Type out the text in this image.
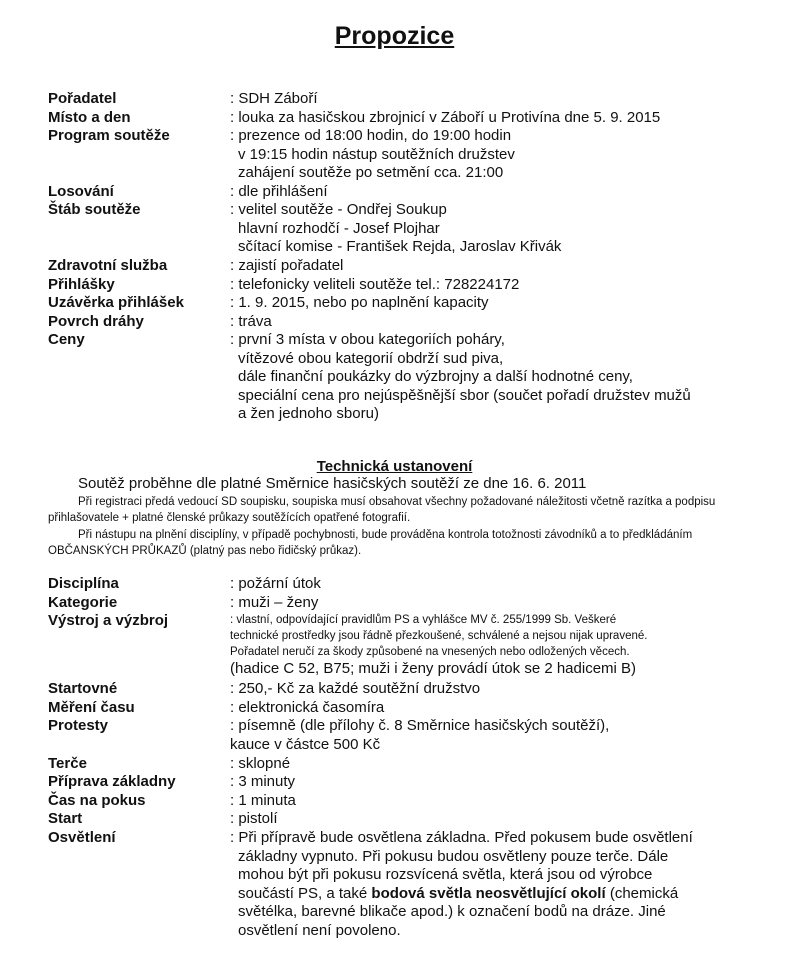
Propozice
Pořadatel	: SDH Záboří
Místo a den	: louka za hasičskou zbrojnicí v Záboří u Protivína dne 5. 9. 2015
Program soutěže	: prezence od 18:00 hodin, do 19:00 hodin
v 19:15 hodin nástup soutěžních družstev
zahájení soutěže po setmění cca. 21:00
Losování	: dle přihlášení
Štáb soutěže	: velitel soutěže - Ondřej Soukup
hlavní rozhodčí - Josef Plojhar
sčítací komise - František Rejda, Jaroslav Křivák
Zdravotní služba	: zajistí pořadatel
Přihlášky	: telefonicky veliteli soutěže tel.: 728224172
Uzávěrka přihlášek	: 1. 9. 2015, nebo po naplnění kapacity
Povrch dráhy	: tráva
Ceny	: první 3 místa v obou kategoriích poháry,
vítězové obou kategorií obdrží sud piva,
dále finanční poukázky do výzbrojny a další hodnotné ceny,
speciální cena pro nejúspěšnější sbor (součet pořadí družstev mužů
a žen jednoho sboru)
Technická ustanovení
Soutěž proběhne dle platné Směrnice hasičských soutěží ze dne 16. 6. 2011
Při registraci předá vedoucí SD soupisku, soupiska musí obsahovat všechny požadované náležitosti včetně razítka a podpisu přihlašovatele + platné členské průkazy soutěžících opatřené fotografií.
Při nástupu na plnění disciplíny, v případě pochybnosti, bude prováděna kontrola totožnosti závodníků a to předkládáním OBČANSKÝCH PRŮKAZŮ (platný pas nebo řidičský průkaz).
Disciplína	: požární útok
Kategorie	: muži – ženy
Výstroj a výzbroj	: vlastní, odpovídající pravidlům PS a vyhlášce MV č. 255/1999 Sb. Veškeré
technické prostředky jsou řádně přezkoušené, schválené a nejsou nijak upravené.
Pořadatel neručí za škody způsobené na vnesených nebo odložených věcech.
(hadice C 52, B75; muži i ženy provádí útok se 2 hadicemi B)
Startovné	: 250,- Kč za každé soutěžní družstvo
Měření času	: elektronická časomíra
Protesty	: písemně (dle přílohy č. 8 Směrnice hasičských soutěží),
kauce v částce 500 Kč
Terče	: sklopné
Příprava základny	: 3 minuty
Čas na pokus	: 1 minuta
Start	: pistolí
Osvětlení	: Při přípravě bude osvětlena základna. Před pokusem bude osvětlení
základny vypnuto. Při pokusu budou osvětleny pouze terče. Dále
mohou být při pokusu rozsvícená světla, která jsou od výrobce
součástí PS, a také bodová světla neosvětlující okolí (chemická
světélka, barevné blikače apod.) k označení bodů na dráze. Jiné
osvětlení není povoleno.
